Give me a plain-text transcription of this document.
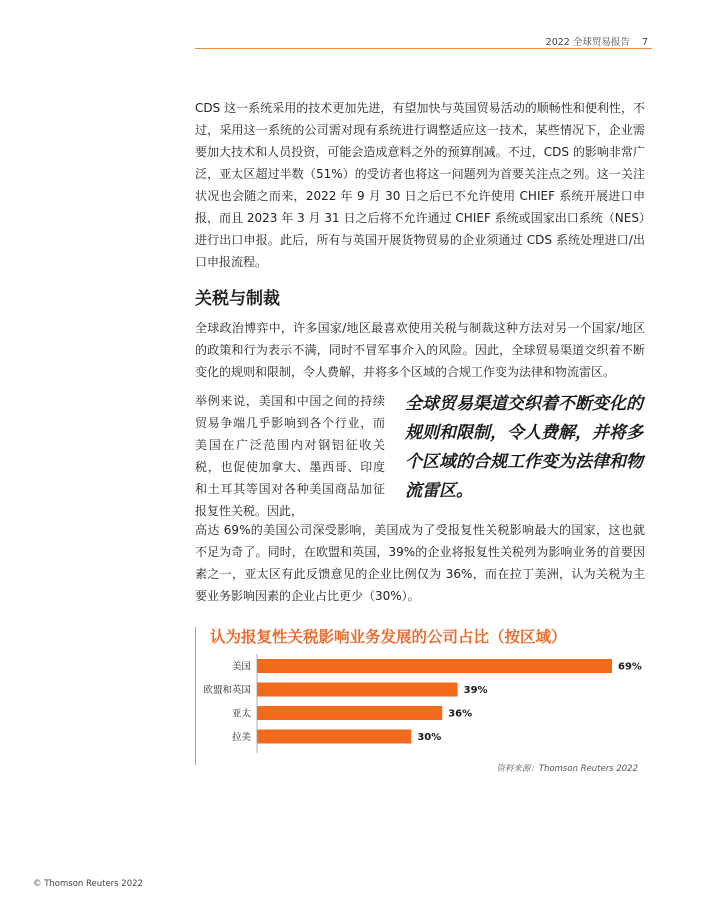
2022 全球贸易报告 7
CDS 这一系统采用的技术更加先进，有望加快与英国贸易活动的顺畅性和便利性，不过，采用这一系统的公司需对现有系统进行调整适应这一技术，某些情况下，企业需要加大技术和人员投资，可能会造成意料之外的预算削减。不过，CDS 的影响非常广泛，亚太区超过半数（51%）的受访者也将这一问题列为首要关注点之列。这一关注状况也会随之而来，2022 年 9 月 30 日之后已不允许使用 CHIEF 系统开展进口申报，而且 2023 年 3 月 31 日之后将不允许通过 CHIEF 系统或国家出口系统（NES）进行出口申报。此后，所有与英国开展货物贸易的企业须通过 CDS 系统处理进口/出口申报流程。
关税与制裁
全球政治博弈中，许多国家/地区最喜欢使用关税与制裁这种方法对另一个国家/地区的政策和行为表示不满，同时不冒军事介入的风险。因此，全球贸易渠道交织着不断变化的规则和限制，令人费解，并将多个区域的合规工作变为法律和物流雷区。
举例来说，美国和中国之间的持续贸易争端几乎影响到各个行业，而美国在广泛范围内对钢铝征收关税，也促使加拿大、墨西哥、印度和土耳其等国对各种美国商品加征报复性关税。因此，
全球贸易渠道交织着不断变化的规则和限制，令人费解，并将多个区域的合规工作变为法律和物流雷区。
高达 69%的美国公司深受影响，美国成为了受报复性关税影响最大的国家，这也就不足为奇了。同时，在欧盟和英国，39%的企业将报复性关税列为影响业务的首要因素之一，亚太区有此反馈意见的企业比例仅为 36%，而在拉丁美洲，认为关税为主要业务影响因素的企业占比更少（30%）。
认为报复性关税影响业务发展的公司占比（按区域）
美国	69%
欧盟和英国	39%
亚太	36%
拉美	30%
资料来源：Thomson Reuters 2022
© Thomson Reuters 2022
